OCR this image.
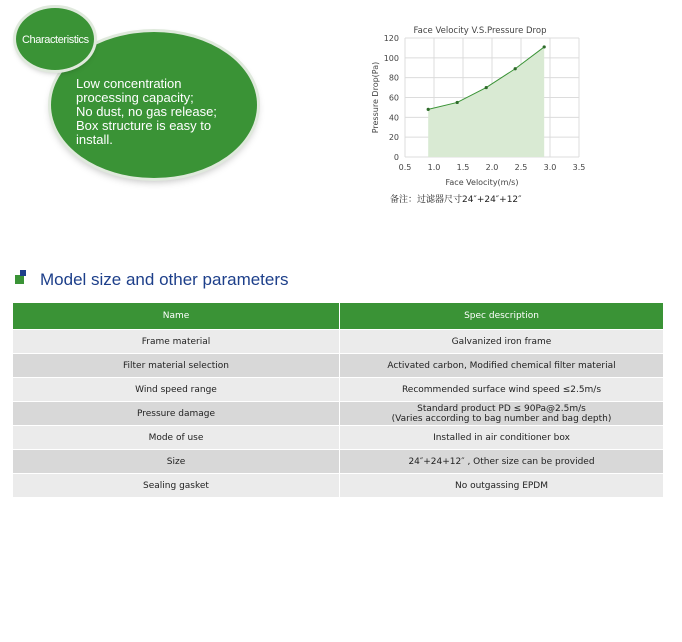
Characteristics
Low concentration
processing capacity;
No dust, no gas release;
Box structure is easy to
install.
0
20
40
60
80
100
120
0.5 1.0 1.5 2.0 2.5 3.0 3.5
Face Velocity V.S.Pressure Drop
Face Velocity(m/s)
Pressure Drop(Pa)
备注：过滤器尺寸24″+24″+12″
Model size and other parameters
Name	Spec description
Frame material	Galvanized iron frame
Filter material selection	Activated carbon, Modified chemical filter material
Wind speed range	Recommended surface wind speed ≤2.5m/s
Pressure damage	Standard product PD ≤ 90Pa@2.5m/s
(Varies according to bag number and bag depth)
Mode of use	Installed in air conditioner box
Size	24″+24+12″ , Other size can be provided
Sealing gasket	No outgassing EPDM
